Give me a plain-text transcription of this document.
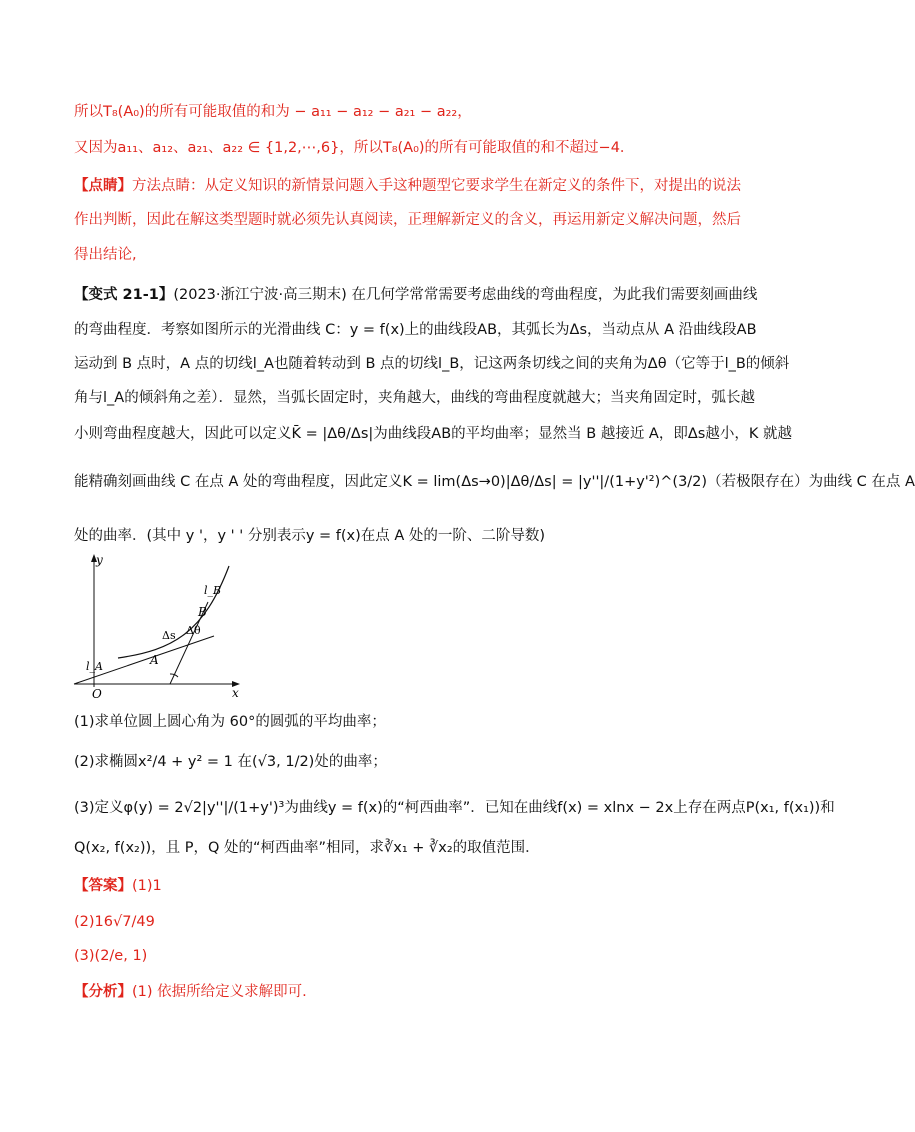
所以T₈(A₀)的所有可能取值的和为 − a₁₁ − a₁₂ − a₂₁ − a₂₂，
又因为a₁₁、a₁₂、a₂₁、a₂₂ ∈ {1,2,⋯,6}，所以T₈(A₀)的所有可能取值的和不超过−4．
【点睛】方法点睛：从定义知识的新情景问题入手这种题型它要求学生在新定义的条件下，对提出的说法
作出判断，因此在解这类型题时就必须先认真阅读，正理解新定义的含义，再运用新定义解决问题，然后
得出结论,
【变式 21-1】(2023·浙江宁波·高三期末) 在几何学常常需要考虑曲线的弯曲程度，为此我们需要刻画曲线
的弯曲程度．考察如图所示的光滑曲线 C：y = f(x)上的曲线段AB，其弧长为Δs，当动点从 A 沿曲线段AB
运动到 B 点时，A 点的切线l_A也随着转动到 B 点的切线l_B，记这两条切线之间的夹角为Δθ（它等于l_B的倾斜
角与l_A的倾斜角之差）．显然，当弧长固定时，夹角越大，曲线的弯曲程度就越大；当夹角固定时，弧长越
小则弯曲程度越大，因此可以定义K̄ = |Δθ/Δs|为曲线段AB的平均曲率；显然当 B 越接近 A，即Δs越小，K 就越
能精确刻画曲线 C 在点 A 处的弯曲程度，因此定义K = lim(Δs→0)|Δθ/Δs| = |y''|/(1+y'²)^(3/2)（若极限存在）为曲线 C 在点 A
处的曲率．(其中 y '，y ' ' 分别表示y = f(x)在点 A 处的一阶、二阶导数)
y
x
O
l_A
l_B
A
B
Δs Δθ
(1)求单位圆上圆心角为 60°的圆弧的平均曲率；
(2)求椭圆x²/4 + y² = 1 在(√3, 1/2)处的曲率；
(3)定义φ(y) = 2√2|y''|/(1+y')³为曲线y = f(x)的“柯西曲率”．已知在曲线f(x) = xlnx − 2x上存在两点P(x₁, f(x₁))和
Q(x₂, f(x₂))，且 P，Q 处的“柯西曲率”相同，求∛x₁ + ∛x₂的取值范围．
【答案】(1)1
(2)16√7/49
(3)(2/e, 1)
【分析】(1) 依据所给定义求解即可.
